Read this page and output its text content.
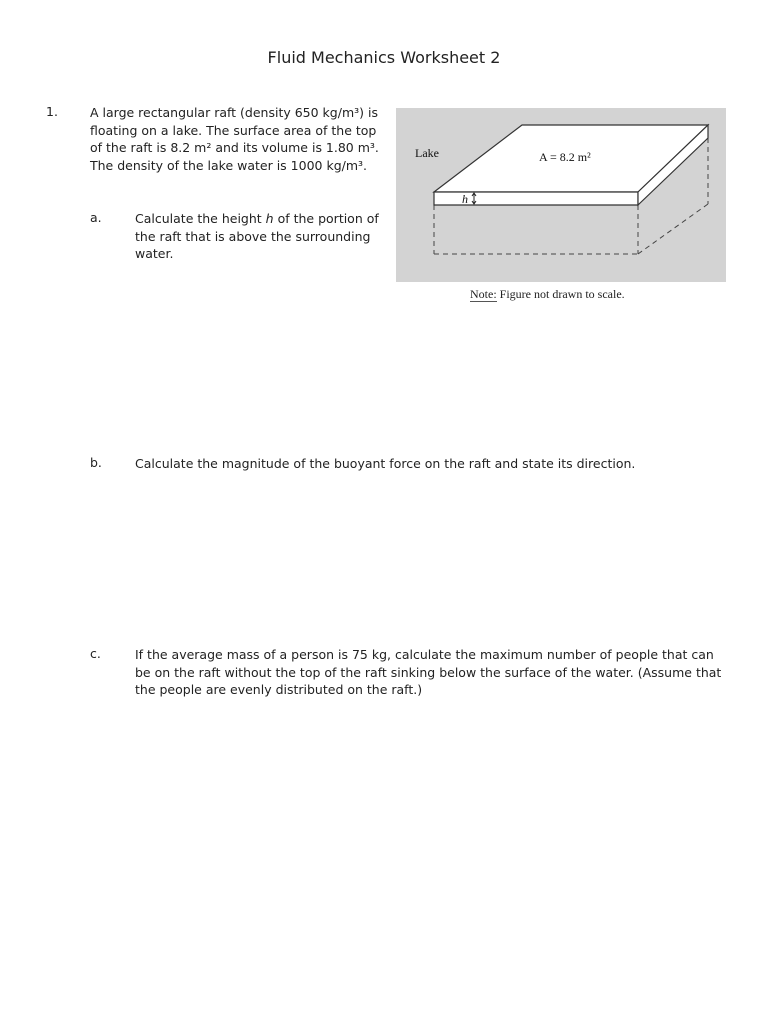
Fluid Mechanics Worksheet 2
1.	A large rectangular raft (density 650 kg/m³) is floating on a lake. The surface area of the top of the raft is 8.2 m² and its volume is 1.80 m³. The density of the lake water is 1000 kg/m³.
a.	Calculate the height h of the portion of the raft that is above the surrounding water.
b.	Calculate the magnitude of the buoyant force on the raft and state its direction.
c.	If the average mass of a person is 75 kg, calculate the maximum number of people that can be on the raft without the top of the raft sinking below the surface of the water. (Assume that the people are evenly distributed on the raft.)
Lake	A = 8.2 m²
h
Note: Figure not drawn to scale.
